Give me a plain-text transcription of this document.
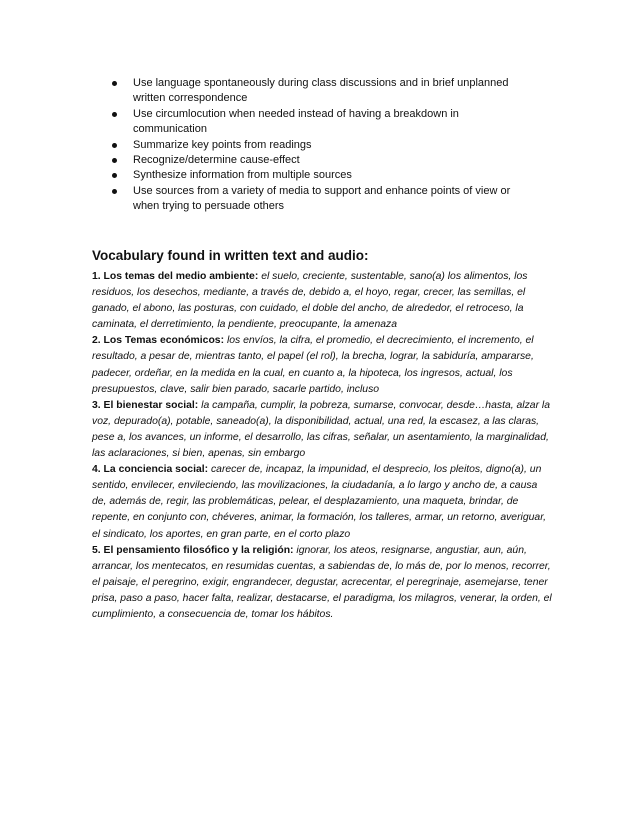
Use language spontaneously during class discussions and in brief unplanned written correspondence
Use circumlocution when needed instead of having a breakdown in communication
Summarize key points from readings
Recognize/determine cause-effect
Synthesize information from multiple sources
Use sources from a variety of media to support and enhance points of view or when trying to persuade others

Vocabulary found in written text and audio:

1. Los temas del medio ambiente: el suelo, creciente, sustentable, sano(a) los alimentos, los residuos, los desechos, mediante, a través de, debido a, el hoyo, regar, crecer, las semillas, el ganado, el abono, las posturas, con cuidado, el doble del ancho, de alrededor, el retroceso, la caminata, el derretimiento, la pendiente, preocupante, la amenaza

2. Los Temas económicos: los envíos, la cifra, el promedio, el decrecimiento, el incremento, el resultado, a pesar de, mientras tanto, el papel (el rol), la brecha, lograr, la sabiduría, ampararse, padecer, ordeñar, en la medida en la cual, en cuanto a, la hipoteca, los ingresos, actual, los presupuestos, clave, salir bien parado, sacarle partido, incluso

3. El bienestar social: la campaña, cumplir, la pobreza, sumarse, convocar, desde…hasta, alzar la voz, depurado(a), potable, saneado(a), la disponibilidad, actual, una red, la escasez, a las claras, pese a, los avances, un informe, el desarrollo, las cifras, señalar, un asentamiento, la marginalidad, las aclaraciones, si bien, apenas, sin embargo

4. La conciencia social: carecer de, incapaz, la impunidad, el desprecio, los pleitos, digno(a), un sentido, envilecer, envileciendo, las movilizaciones, la ciudadanía, a lo largo y ancho de, a causa de, además de, regir, las problemáticas, pelear, el desplazamiento, una maqueta, brindar, de repente, en conjunto con, chéveres, animar, la formación, los talleres, armar, un retorno, averiguar, el sindicato, los aportes, en gran parte, en el corto plazo

5. El pensamiento filosófico y la religión: ignorar, los ateos, resignarse, angustiar, aun, aún, arrancar, los mentecatos, en resumidas cuentas, a sabiendas de, lo más de, por lo menos, recorrer, el paisaje, el peregrino, exigir, engrandecer, degustar, acrecentar, el peregrinaje, asemejarse, tener prisa, paso a paso, hacer falta, realizar, destacarse, el paradigma, los milagros, venerar, la orden, el cumplimiento, a consecuencia de, tomar los hábitos.
